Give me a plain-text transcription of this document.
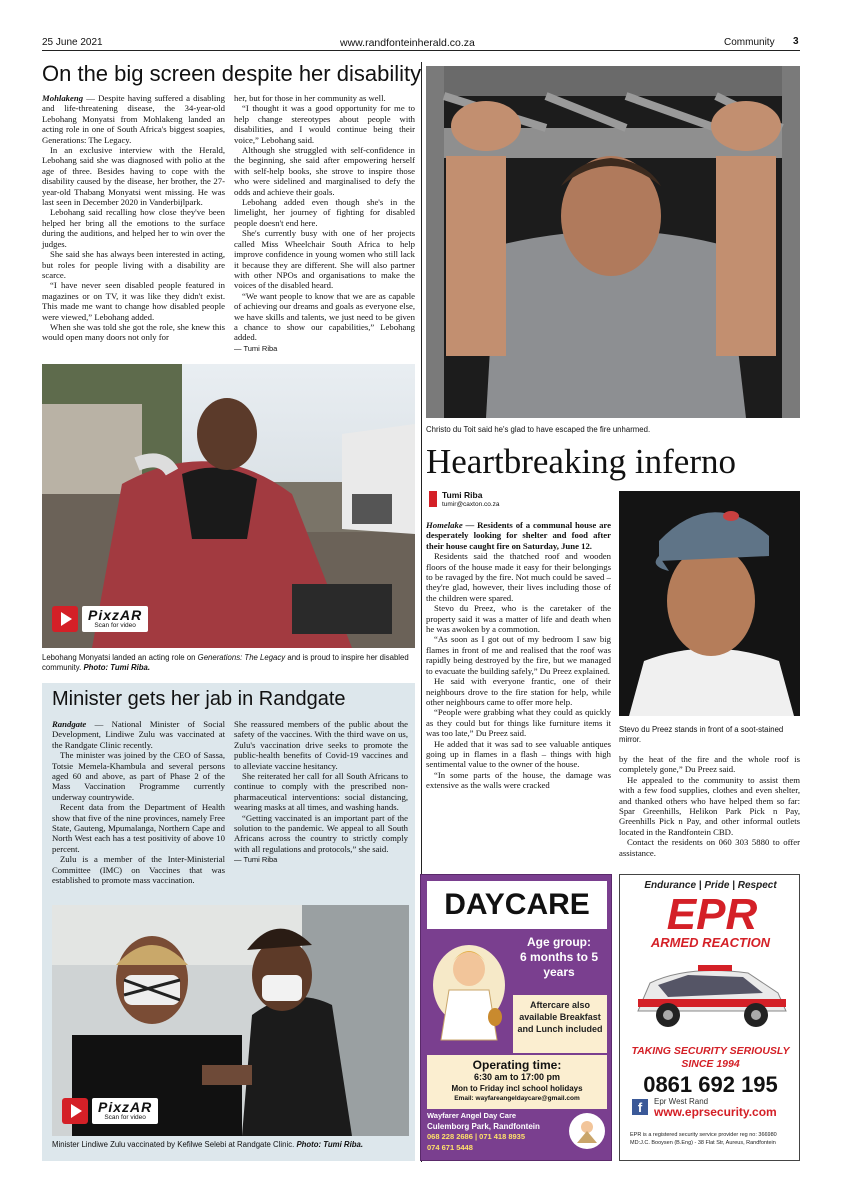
25 June 2021	www.randfonteinherald.co.za	Community 3
On the big screen despite her disability

Mohlakeng — Despite having suffered a disabling and life-threatening disease, the 34-year-old Lebohang Monyatsi from Mohlakeng landed an acting role in one of South Africa's biggest soapies, Generations: The Legacy.

In an exclusive interview with the Herald, Lebohang said she was diagnosed with polio at the age of three. Besides having to cope with the disability caused by the disease, her brother, the 27-year-old Thabang Monyatsi went missing. He was last seen in December 2020 in Vanderbijlpark.

Lebohang said recalling how close they've been helped her bring all the emotions to the surface during the auditions, and helped her to win over the judges.

She said she has always been interested in acting, but roles for people living with a disability are scarce.

“I have never seen disabled people featured in magazines or on TV, it was like they didn't exist. This made me want to change how disabled people were viewed,” Lebohang added.

When she was told she got the role, she knew this would open many doors not only for

her, but for those in her community as well.

“I thought it was a good opportunity for me to help change stereotypes about people with disabilities, and I would continue being their voice,” Lebohang said.

Although she struggled with self-confidence in the beginning, she said after empowering herself with self-help books, she strove to inspire those who were sidelined and marginalised to defy the odds and achieve their goals.

Lebohang added even though she's in the limelight, her journey of fighting for disabled people doesn't end here.

She's currently busy with one of her projects called Miss Wheelchair South Africa to help improve confidence in young women who still lack it because they are different. She will also partner with other NPOs and organisations to make the voices of the disabled heard.

“We want people to know that we are as capable of achieving our dreams and goals as everyone else, we have skills and talents, we just need to be given a chance to show our capabilities,” Lebohang added.

— Tumi Riba
PixzAR
Scan for video
Lebohang Monyatsi landed an acting role on Generations: The Legacy and is proud to inspire her disabled community. Photo: Tumi Riba.
Minister gets her jab in Randgate

Randgate — National Minister of Social Development, Lindiwe Zulu was vaccinated at the Randgate Clinic recently.

The minister was joined by the CEO of Sassa, Totsie Memela-Khambula and several persons aged 60 and above, as part of Phase 2 of the Mass Vaccination Programme currently underway countrywide.

Recent data from the Department of Health show that five of the nine provinces, namely Free State, Gauteng, Mpumalanga, Northern Cape and North West each has a test positivity of above 10 percent.

Zulu is a member of the Inter-Ministerial Committee (IMC) on Vaccines that was established to promote mass vaccination.

She reassured members of the public about the safety of the vaccines. With the third wave on us, Zulu's vaccination drive seeks to promote the public-health benefits of Covid-19 vaccines and to alleviate vaccine hesitancy.

She reiterated her call for all South Africans to continue to comply with the prescribed non-pharmaceutical interventions: social distancing, wearing masks at all times, and washing hands.

“Getting vaccinated is an important part of the solution to the pandemic. We appeal to all South Africans across the country to strictly comply with all regulations and protocols,” she said.

— Tumi Riba
PixzAR
Scan for video
Minister Lindiwe Zulu vaccinated by Kefilwe Selebi at Randgate Clinic. Photo: Tumi Riba.
Christo du Toit said he's glad to have escaped the fire unharmed.
Heartbreaking inferno
Tumi Riba
tumir@caxton.co.za

Homelake — Residents of a communal house are desperately looking for shelter and food after their house caught fire on Saturday, June 12.

Residents said the thatched roof and wooden floors of the house made it easy for their belongings to be ravaged by the fire. Not much could be saved – they're glad, however, their lives including those of the children were spared.

Stevo du Preez, who is the caretaker of the property said it was a matter of life and death when he was awoken by a commotion.

“As soon as I got out of my bedroom I saw big flames in front of me and realised that the roof was rapidly being destroyed by the fire, but we managed to evacuate the building safely,” Du Preez explained.

He said with everyone frantic, one of their neighbours drove to the fire station for help, while other neighbours came to offer more help.

“People were grabbing what they could as quickly as they could but for things like furniture items it was too late,” Du Preez said.

He added that it was sad to see valuable antiques going up in flames in a flash – things with high sentimental value to the owner of the house.

“In some parts of the house, the damage was extensive as the walls were cracked

Stevo du Preez stands in front of a soot-stained mirror.

by the heat of the fire and the whole roof is completely gone,” Du Preez said.

He appealed to the community to assist them with a few food supplies, clothes and even shelter, and thanked others who have helped them so far: Spar Greenhills, Helikon Park Pick n Pay, Greenhills Pick n Pay, and other informal outlets located in the Randfontein CBD.

Contact the residents on 060 303 5880 to offer assistance.

DAYCARE
Age group:
6 months to 5 years
Aftercare also available Breakfast and Lunch included
Operating time:
6:30 am to 17:00 pm
Mon to Friday incl school holidays
Email: wayfareangeldaycare@gmail.com
Wayfarer Angel Day Care
Culemborg Park, Randfontein
068 228 2686 | 071 418 8935
074 671 5448
Endurance | Pride | Respect
EPR
ARMED REACTION
TAKING SECURITY SERIOUSLY
SINCE 1994
0861 692 195
f	Epr West Rand
www.eprsecurity.com
EPR is a registered security service provider reg no: 366980
MD:J.C. Booysen (B.Eng) - 38 Flat Str, Aureus, Randfontein
